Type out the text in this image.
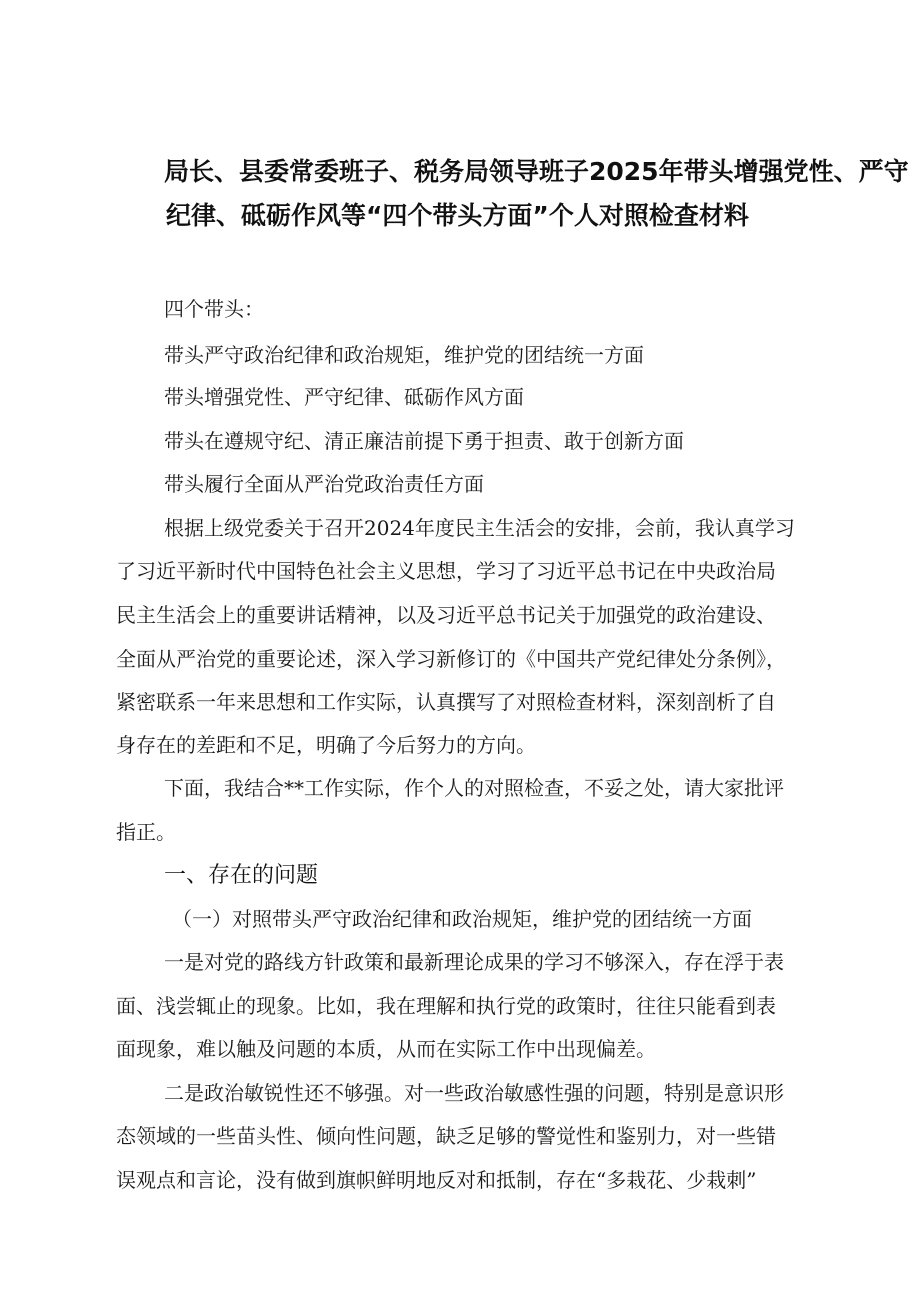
局长、县委常委班子、税务局领导班子2025年带头增强党性、严守
纪律、砥砺作风等“四个带头方面”个人对照检查材料
四个带头：
带头严守政治纪律和政治规矩，维护党的团结统一方面
带头增强党性、严守纪律、砥砺作风方面
带头在遵规守纪、清正廉洁前提下勇于担责、敢于创新方面
带头履行全面从严治党政治责任方面
根据上级党委关于召开2024年度民主生活会的安排，会前，我认真学习
了习近平新时代中国特色社会主义思想，学习了习近平总书记在中央政治局
民主生活会上的重要讲话精神，以及习近平总书记关于加强党的政治建设、
全面从严治党的重要论述，深入学习新修订的《中国共产党纪律处分条例》，
紧密联系一年来思想和工作实际，认真撰写了对照检查材料，深刻剖析了自
身存在的差距和不足，明确了今后努力的方向。
下面，我结合**工作实际，作个人的对照检查，不妥之处，请大家批评
指正。
一、存在的问题
（一）对照带头严守政治纪律和政治规矩，维护党的团结统一方面
一是对党的路线方针政策和最新理论成果的学习不够深入，存在浮于表
面、浅尝辄止的现象。比如，我在理解和执行党的政策时，往往只能看到表
面现象，难以触及问题的本质，从而在实际工作中出现偏差。
二是政治敏锐性还不够强。对一些政治敏感性强的问题，特别是意识形
态领域的一些苗头性、倾向性问题，缺乏足够的警觉性和鉴别力，对一些错
误观点和言论，没有做到旗帜鲜明地反对和抵制，存在“多栽花、少栽刺”
